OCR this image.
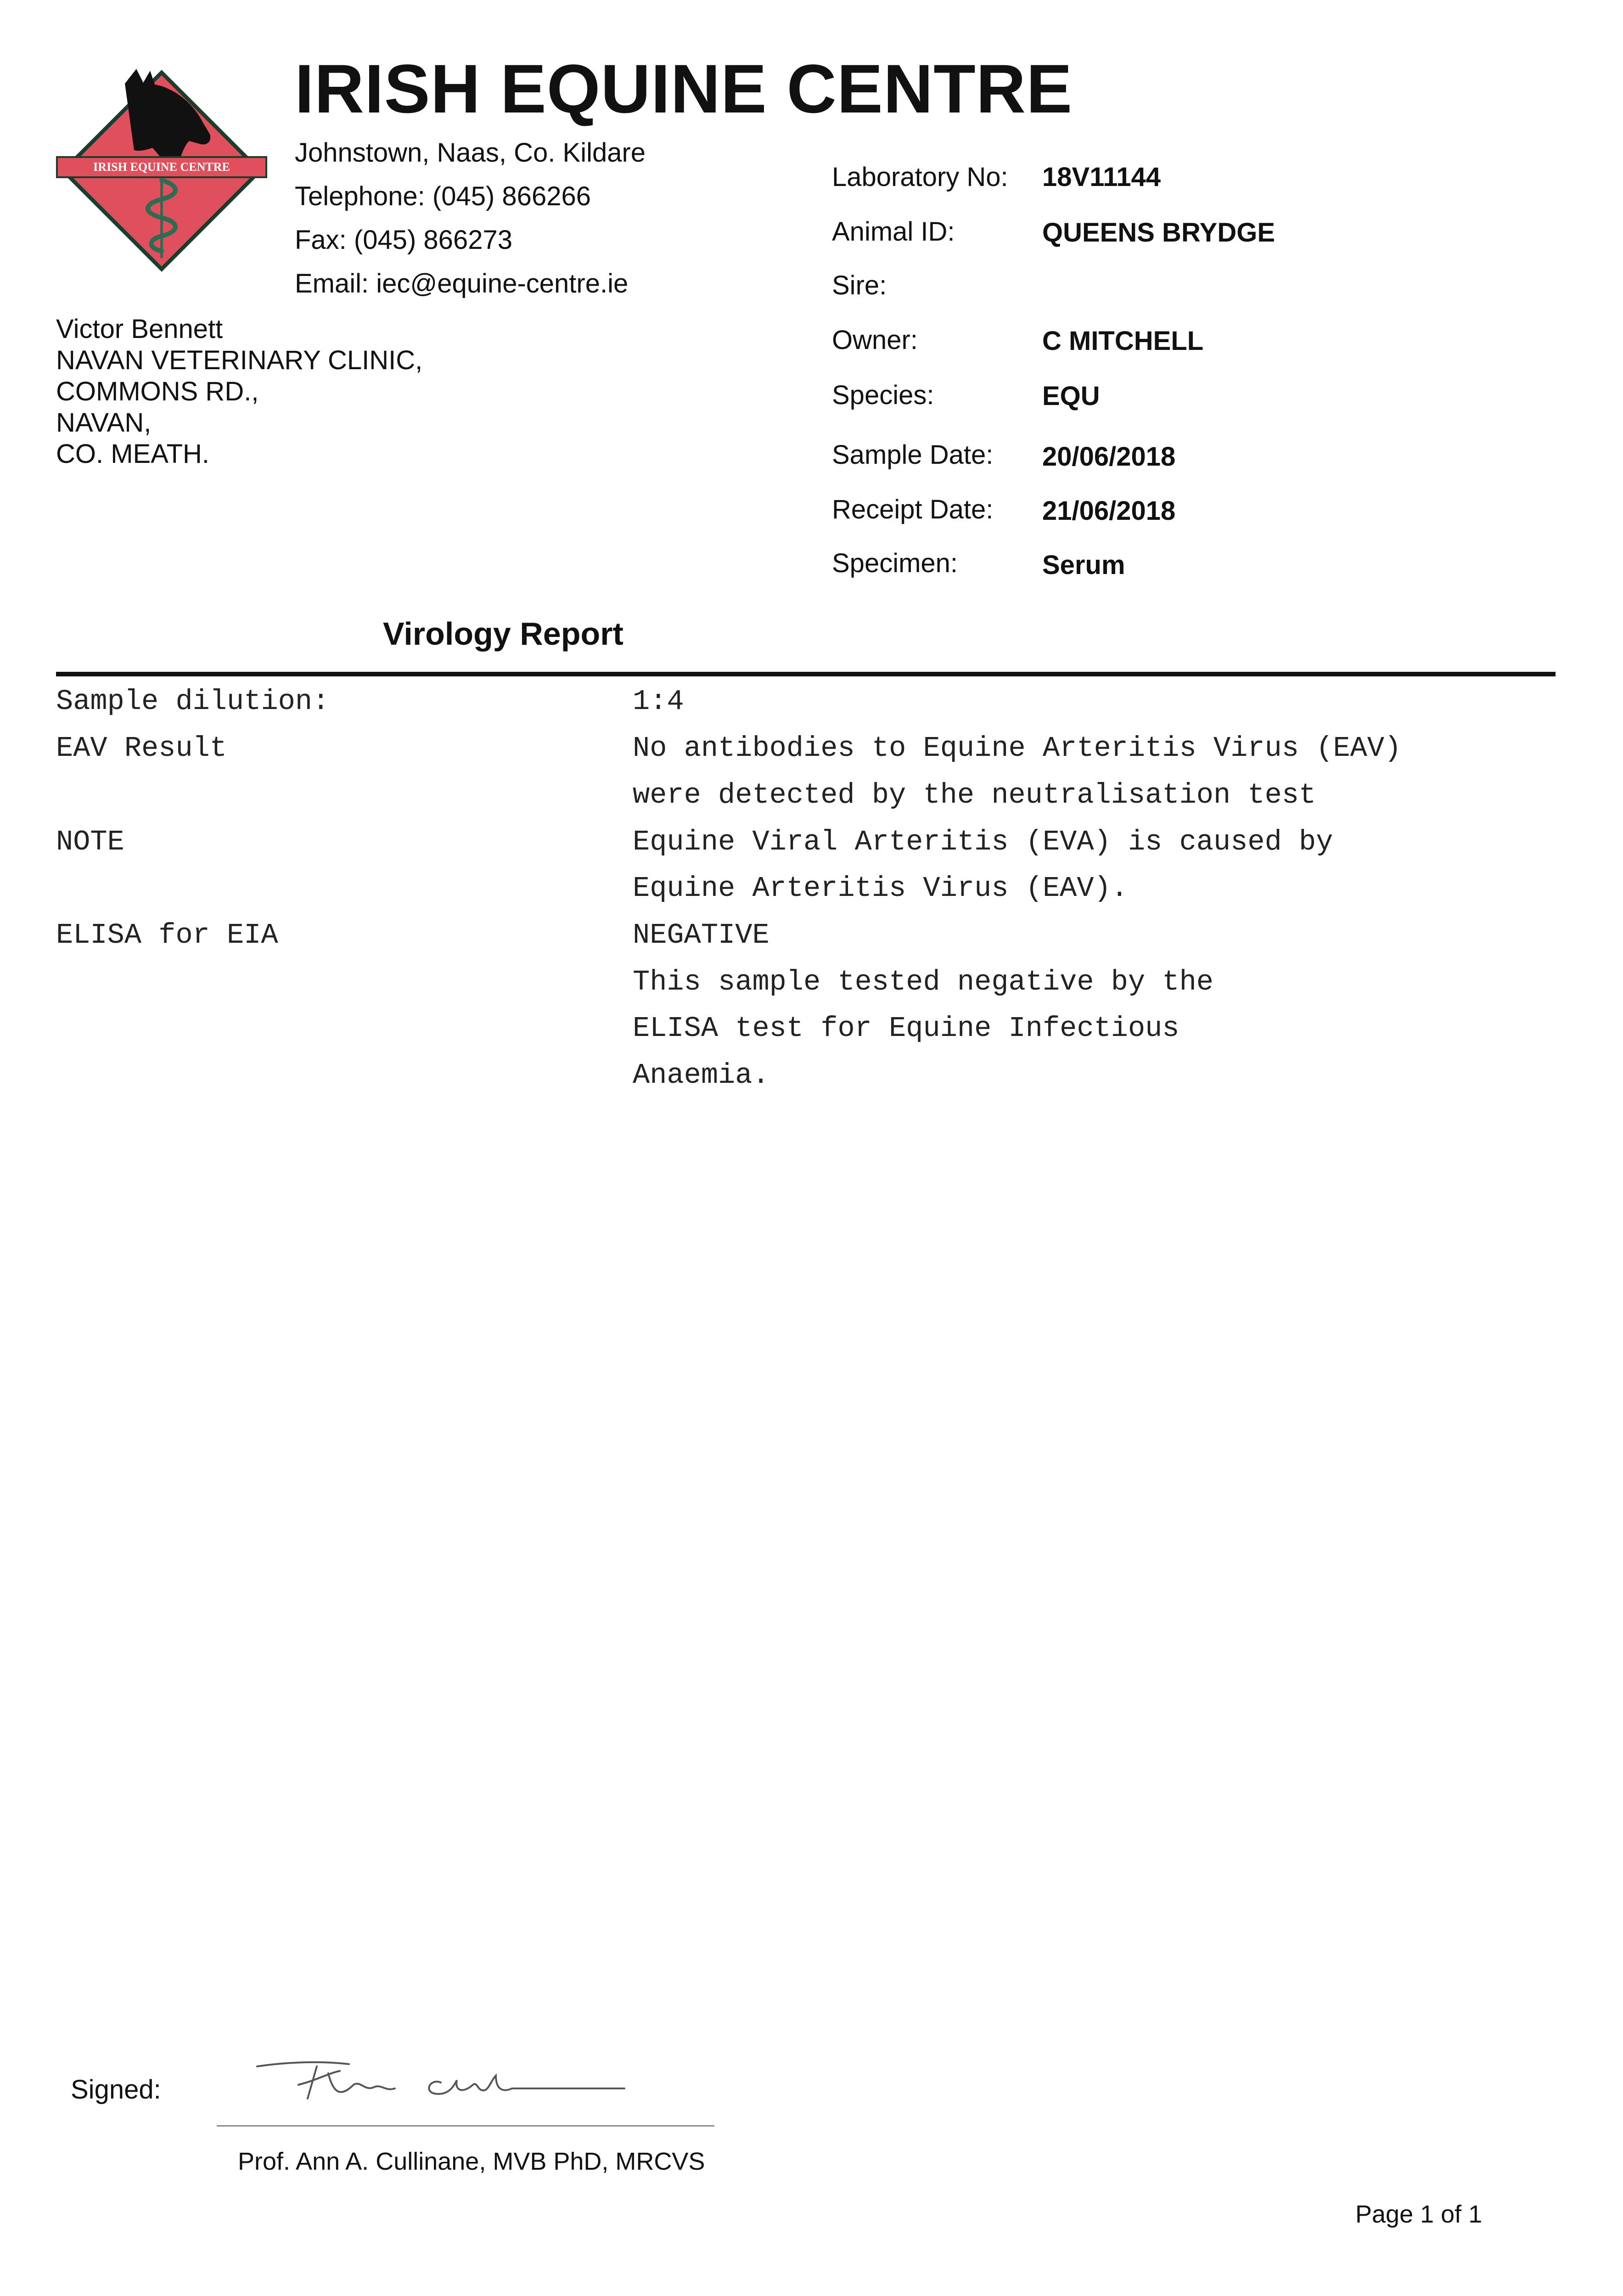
IRISH EQUINE CENTRE
IRISH EQUINE CENTRE
Johnstown, Naas, Co. Kildare
Telephone: (045) 866266
Fax: (045) 866273
Email: iec@equine-centre.ie
Victor Bennett
NAVAN VETERINARY CLINIC,
COMMONS RD.,
NAVAN,
CO. MEATH.
Laboratory No: 18V11144
Animal ID:	QUEENS BRYDGE
Sire:
Owner:	C MITCHELL
Species:	EQU
Sample Date: 20/06/2018
Receipt Date: 21/06/2018
Specimen:	Serum
Virology Report
Sample dilution:	1:4
EAV Result	No antibodies to Equine Arteritis Virus (EAV)
were detected by the neutralisation test
NOTE	Equine Viral Arteritis (EVA) is caused by
Equine Arteritis Virus (EAV).
ELISA for EIA	NEGATIVE
This sample tested negative by the
ELISA test for Equine Infectious
Anaemia.
Signed:
Prof. Ann A. Cullinane, MVB PhD, MRCVS
Page 1 of 1
